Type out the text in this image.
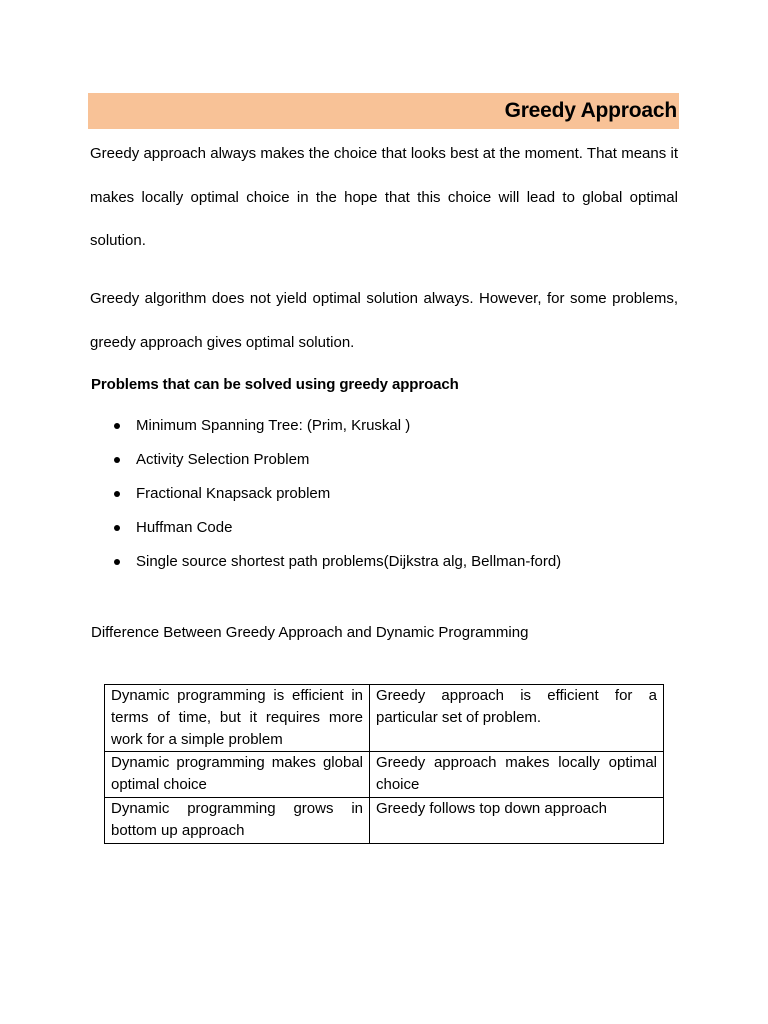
Greedy Approach

Greedy approach always makes the choice that looks best at the moment. That means it makes locally optimal choice in the hope that this choice will lead to global optimal solution.

Greedy algorithm does not yield optimal solution always. However, for some problems, greedy approach gives optimal solution.

Problems that can be solved using greedy approach

Minimum Spanning Tree: (Prim, Kruskal )
Activity Selection Problem
Fractional Knapsack problem
Huffman Code
Single source shortest path problems(Dijkstra alg, Bellman-ford)

Difference Between Greedy Approach and Dynamic Programming

Dynamic programming is efficient in terms of time, but it requires more work for a simple problem	Greedy approach is efficient for a particular set of problem.

Dynamic programming makes global optimal choice	Greedy approach makes locally optimal choice

Dynamic programming grows in bottom up approach	Greedy follows top down approach
